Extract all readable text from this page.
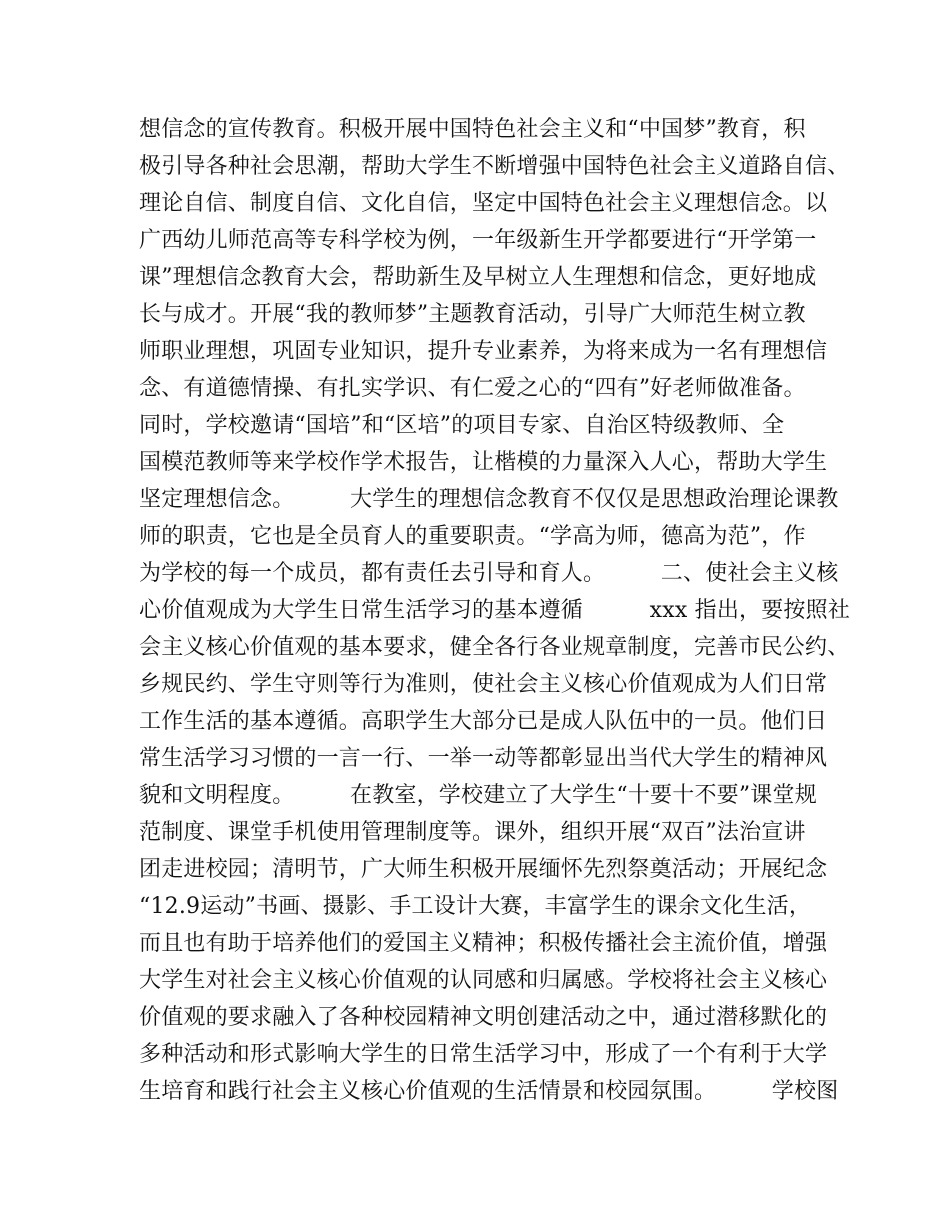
想信念的宣传教育。积极开展中国特色社会主义和“中国梦”教育，积
极引导各种社会思潮，帮助大学生不断增强中国特色社会主义道路自信、
理论自信、制度自信、文化自信，坚定中国特色社会主义理想信念。以
广西幼儿师范高等专科学校为例，一年级新生开学都要进行“开学第一
课”理想信念教育大会，帮助新生及早树立人生理想和信念，更好地成
长与成才。开展“我的教师梦”主题教育活动，引导广大师范生树立教
师职业理想，巩固专业知识，提升专业素养，为将来成为一名有理想信
念、有道德情操、有扎实学识、有仁爱之心的“四有”好老师做准备。
同时，学校邀请“国培”和“区培”的项目专家、自治区特级教师、全
国模范教师等来学校作学术报告，让楷模的力量深入人心，帮助大学生
坚定理想信念。　　　大学生的理想信念教育不仅仅是思想政治理论课教
师的职责，它也是全员育人的重要职责。“学高为师，德高为范”，作
为学校的每一个成员，都有责任去引导和育人。　　　二、使社会主义核
心价值观成为大学生日常生活学习的基本遵循　　　xxx 指出，要按照社
会主义核心价值观的基本要求，健全各行各业规章制度，完善市民公约、
乡规民约、学生守则等行为准则，使社会主义核心价值观成为人们日常
工作生活的基本遵循。高职学生大部分已是成人队伍中的一员。他们日
常生活学习习惯的一言一行、一举一动等都彰显出当代大学生的精神风
貌和文明程度。　　　在教室，学校建立了大学生“十要十不要”课堂规
范制度、课堂手机使用管理制度等。课外，组织开展“双百”法治宣讲
团走进校园；清明节，广大师生积极开展缅怀先烈祭奠活动；开展纪念
“12.9运动”书画、摄影、手工设计大赛，丰富学生的课余文化生活，
而且也有助于培养他们的爱国主义精神；积极传播社会主流价值，增强
大学生对社会主义核心价值观的认同感和归属感。学校将社会主义核心
价值观的要求融入了各种校园精神文明创建活动之中，通过潜移默化的
多种活动和形式影响大学生的日常生活学习中，形成了一个有利于大学
生培育和践行社会主义核心价值观的生活情景和校园氛围。　　　学校图
